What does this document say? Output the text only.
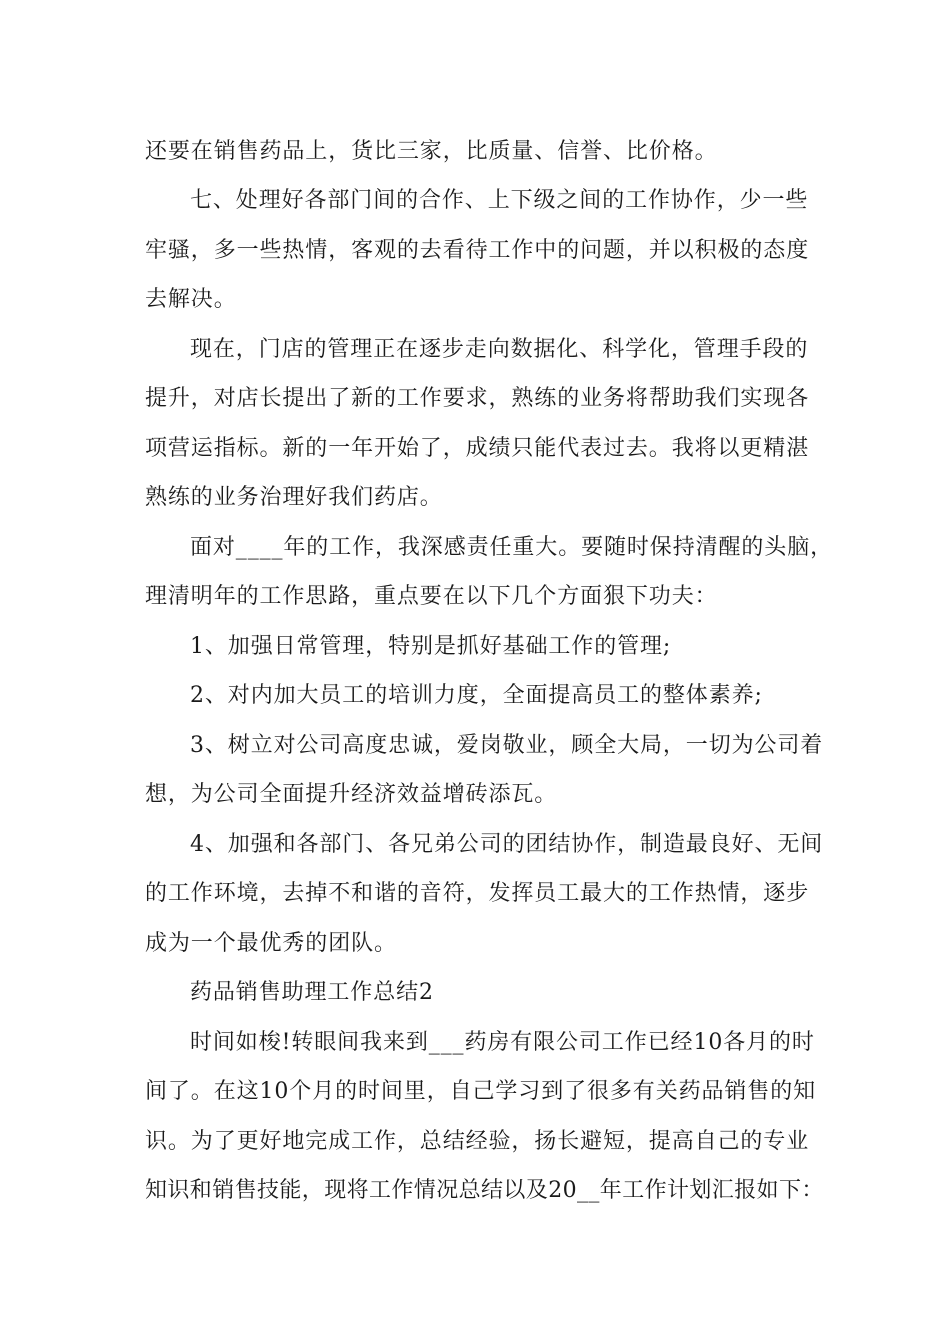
还要在销售药品上，货比三家，比质量、信誉、比价格。
七、处理好各部门间的合作、上下级之间的工作协作，少一些
牢骚，多一些热情，客观的去看待工作中的问题，并以积极的态度
去解决。
现在，门店的管理正在逐步走向数据化、科学化，管理手段的
提升，对店长提出了新的工作要求，熟练的业务将帮助我们实现各
项营运指标。新的一年开始了，成绩只能代表过去。我将以更精湛
熟练的业务治理好我们药店。
面对____年的工作，我深感责任重大。要随时保持清醒的头脑，
理清明年的工作思路，重点要在以下几个方面狠下功夫：
1、加强日常管理，特别是抓好基础工作的管理;
2、对内加大员工的培训力度，全面提高员工的整体素养;
3、树立对公司高度忠诚，爱岗敬业，顾全大局，一切为公司着
想，为公司全面提升经济效益增砖添瓦。
4、加强和各部门、各兄弟公司的团结协作，制造最良好、无间
的工作环境，去掉不和谐的音符，发挥员工最大的工作热情，逐步
成为一个最优秀的团队。
药品销售助理工作总结2
时间如梭!转眼间我来到___药房有限公司工作已经10各月的时
间了。在这10个月的时间里，自己学习到了很多有关药品销售的知
识。为了更好地完成工作，总结经验，扬长避短，提高自己的专业
知识和销售技能，现将工作情况总结以及20__年工作计划汇报如下：
